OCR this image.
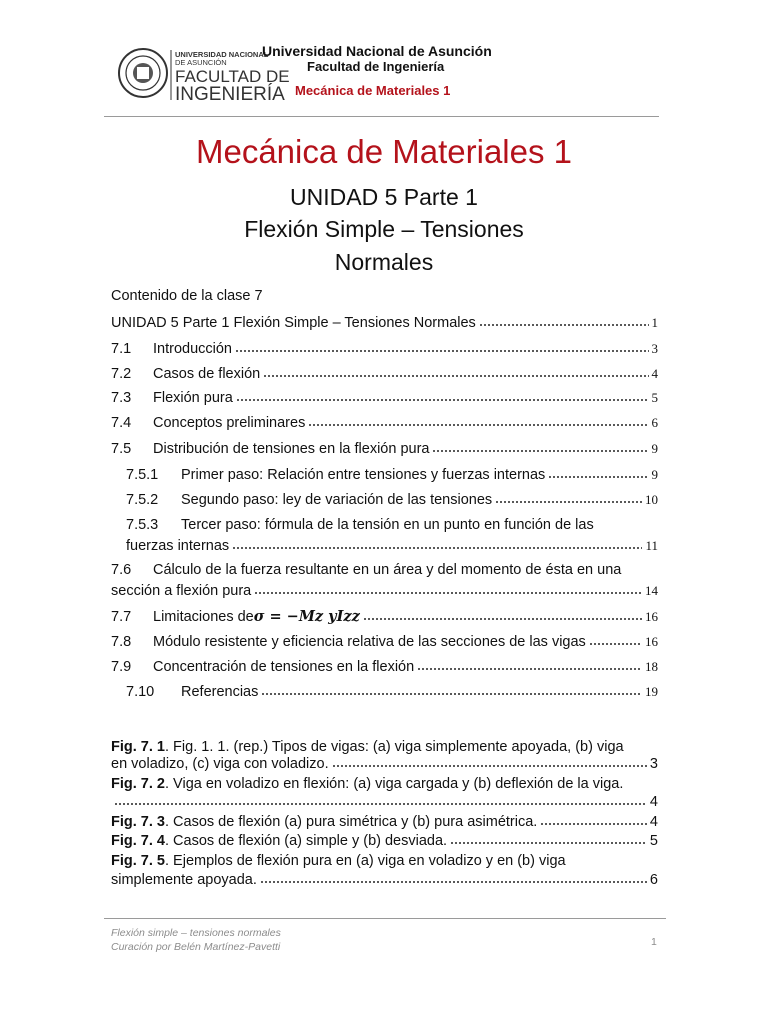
UNIVERSIDAD NACIONAL
DE ASUNCIÓN
FACULTAD DE
INGENIERÍA
Universidad Nacional de Asunción
Facultad de Ingeniería
Mecánica de Materiales 1
Mecánica de Materiales 1
UNIDAD 5 Parte 1
Flexión Simple – Tensiones
Normales
Contenido de la clase 7
UNIDAD 5 Parte 1 Flexión Simple – Tensiones Normales	1
7.1	Introducción	3
7.2	Casos de flexión	4
7.3	Flexión pura	5
7.4	Conceptos preliminares	6
7.5	Distribución de tensiones en la flexión pura	9
7.5.1	Primer paso: Relación entre tensiones y fuerzas internas	9
7.5.2	Segundo paso: ley de variación de las tensiones	10
7.5.3 Tercer paso: fórmula de la tensión en un punto en función de las
fuerzas internas	11
7.6 Cálculo de la fuerza resultante en un área y del momento de ésta en una
sección a flexión pura	14
7.7	Limitaciones de σ = −Mz yIzz	16
7.8	Módulo resistente y eficiencia relativa de las secciones de las vigas	16
7.9	Concentración de tensiones en la flexión	18
7.10	Referencias	19
Fig. 7. 1. Fig. 1. 1. (rep.) Tipos de vigas: (a) viga simplemente apoyada, (b) viga
en voladizo, (c) viga con voladizo.	3
Fig. 7. 2. Viga en voladizo en flexión: (a) viga cargada y (b) deflexión de la viga.
4
Fig. 7. 3. Casos de flexión (a) pura simétrica y (b) pura asimétrica.	4
Fig. 7. 4. Casos de flexión (a) simple y (b) desviada.	5
Fig. 7. 5. Ejemplos de flexión pura en (a) viga en voladizo y en (b) viga
simplemente apoyada.	6
Flexión simple – tensiones normales
Curación por Belén Martínez-Pavetti	1
